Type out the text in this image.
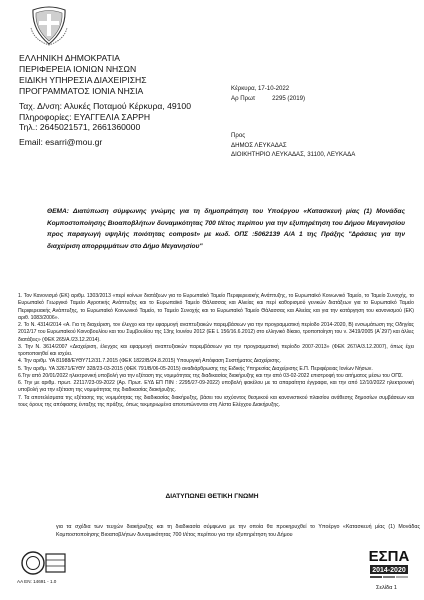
ΕΛΛΗΝΙΚΗ ΔΗΜΟΚΡΑΤΙΑ
ΠΕΡΙΦΕΡΕΙΑ ΙΟΝΙΩΝ ΝΗΣΩΝ
ΕΙΔΙΚΗ ΥΠΗΡΕΣΙΑ ΔΙΑΧΕΙΡΙΣΗΣ
ΠΡΟΓΡΑΜΜΑΤΟΣ ΙΟΝΙΑ ΝΗΣΙΑ
Ταχ. Δ/νση: Αλυκές Ποταμού Κέρκυρα, 49100
Πληροφορίες: ΕΥΑΓΓΕΛΙΑ ΣΑΡΡΗ
Τηλ.: 2645021571, 2661360000
Email: esarri@mou.gr
Κέρκυρα, 17-10-2022
Αρ Πρωτ	2295 (2019)
Προς
ΔΗΜΟΣ ΛΕΥΚΑΔΑΣ
ΔΙΟΙΚΗΤΗΡΙΟ ΛΕΥΚΑΔΑΣ, 31100, ΛΕΥΚΑΔΑ
ΘΕΜΑ: Διατύπωση σύμφωνης γνώμης για τη δημοπράτηση του Υποέργου «Κατασκευή μίας (1) Μονάδας Κομποστοποίησης Βιοαποβλήτων δυναμικότητας 700 t/έτος περίπου για την εξυπηρέτηση του Δήμου Μεγανησίου προς παραγωγή υψηλής ποιότητας compost» με κωδ. ΟΠΣ :5062139 Α/Α 1 της Πράξης "Δράσεις για την διαχείριση απορριμμάτων στο Δήμο Μεγανησίου"

1. Τον Κανονισμό (ΕΚ) αριθμ. 1303/2013 «περί κοίνων διατάξεων για το Ευρωπαϊκό Ταμείο Περιφερειακής Ανάπτυξης, το Ευρωπαϊκό Κοινωνικό Ταμείο, το Ταμείο Συνοχής, το Ευρωπαϊκό Γεωργικό Ταμείο Αγροτικής Ανάπτυξης και το Ευρωπαϊκό Ταμείο Θάλασσας και Αλιείας και περί καθορισμού γενικών διατάξεων για το Ευρωπαϊκό Ταμείο Περιφερειακής Ανάπτυξης, το Ευρωπαϊκό Κοινωνικό Ταμείο, το Ταμείο Συνοχής και το Ευρωπαϊκό Ταμείο Θάλασσας και Αλιείας και για την κατάργηση του κανονισμού (ΕΚ) αριθ. 1083/2006».

2. Το Ν. 4314/2014 «Α. Για τη διαχείριση, τον έλεγχο και την εφαρμογή αναπτυξιακών παρεμβάσεων για την προγραμματική περίοδο 2014-2020, Β) ενσωμάτωση της Οδηγίας 2012/17 του Ευρωπαϊκού Κοινοβουλίου και του Συμβουλίου της 13ης Ιουνίου 2012 (EE L 156/16.6.2012) στο ελληνικό δίκαιο, τροποποίηση του ν. 3419/2005 (Α΄297) και άλλες διατάξεις» (ΦΕΚ 265/Α /23.12.2014).

3. Την Ν. 3614/2007 «Διαχείριση, έλεγχος και εφαρμογή αναπτυξιακών παρεμβάσεων για την προγραμματική περίοδο 2007-2013» (ΦΕΚ 267/Α/3.12.2007), όπως έχει τροποποιηθεί και ισχύει.

4. Την αριθμ. ΥΑ 81988/ΕΥΘΥ712/31.7.2015 (ΦΕΚ 1822/Β/24.8.2015) Υπουργική Απόφαση Συστήματος Διαχείρισης.

5. Την αριθμ. ΥΑ 32671/ΕΥΘΥ 328/23-03-2015 (ΦΕΚ 791/Β/06-05-2015) αναδιάρθρωσης της Ειδικής Υπηρεσίας Διαχείρισης Ε.Π. Περιφέρειας Ιονίων Νήσων.

6.Την από 20/01/2022 ηλεκτρονική υποβολή για την εξέταση της νομιμότητας της διαδικασίας διακήρυξης και την από 03-02-2022 επιστροφή του αιτήματος μέσω του ΟΠΣ.

6. Την με αριθμ. πρωτ. 22117/23-09-2022 (Αρ. Πρωτ. ΕΥΔ ΕΠ ΠΙΝ : 2295/27-09-2022) υποβολή φακέλου με τα απαραίτητα έγγραφα, και την από 12/10/2022 ηλεκτρονική υποβολή για την εξέταση της νομιμότητας της διαδικασίας διακήρυξης.

7. Τα αποτελέσματα της εξέτασης της νομιμότητας της διαδικασίας διακήρυξης, βάσει του ισχύοντος θεσμικού και κανονιστικού πλαισίου ανάθεσης δημοσίων συμβάσεων και τους όρους της απόφασης ένταξης της πράξης, όπως τεκμηριωμένα αποτυπώνονται στη Λίστα Ελέγχου Διακήρυξης.

ΔΙΑΤΥΠΩΝΕΙ ΘΕΤΙΚΗ ΓΝΩΜΗ
για τα σχέδια των τευχών διακήρυξης και τη διαδικασία σύμφωνα με την οποία θα προκηρυχθεί το Υποέργο «Κατασκευή μίας (1) Μονάδας Κομποστοποίησης Βιοαποβλήτων δυναμικότητας 700 t/έτος περίπου για την εξυπηρέτηση του Δήμου
AA EN: 14691 - 1.0
ΕΣΠΑ
2014-2020
Σελίδα 1
